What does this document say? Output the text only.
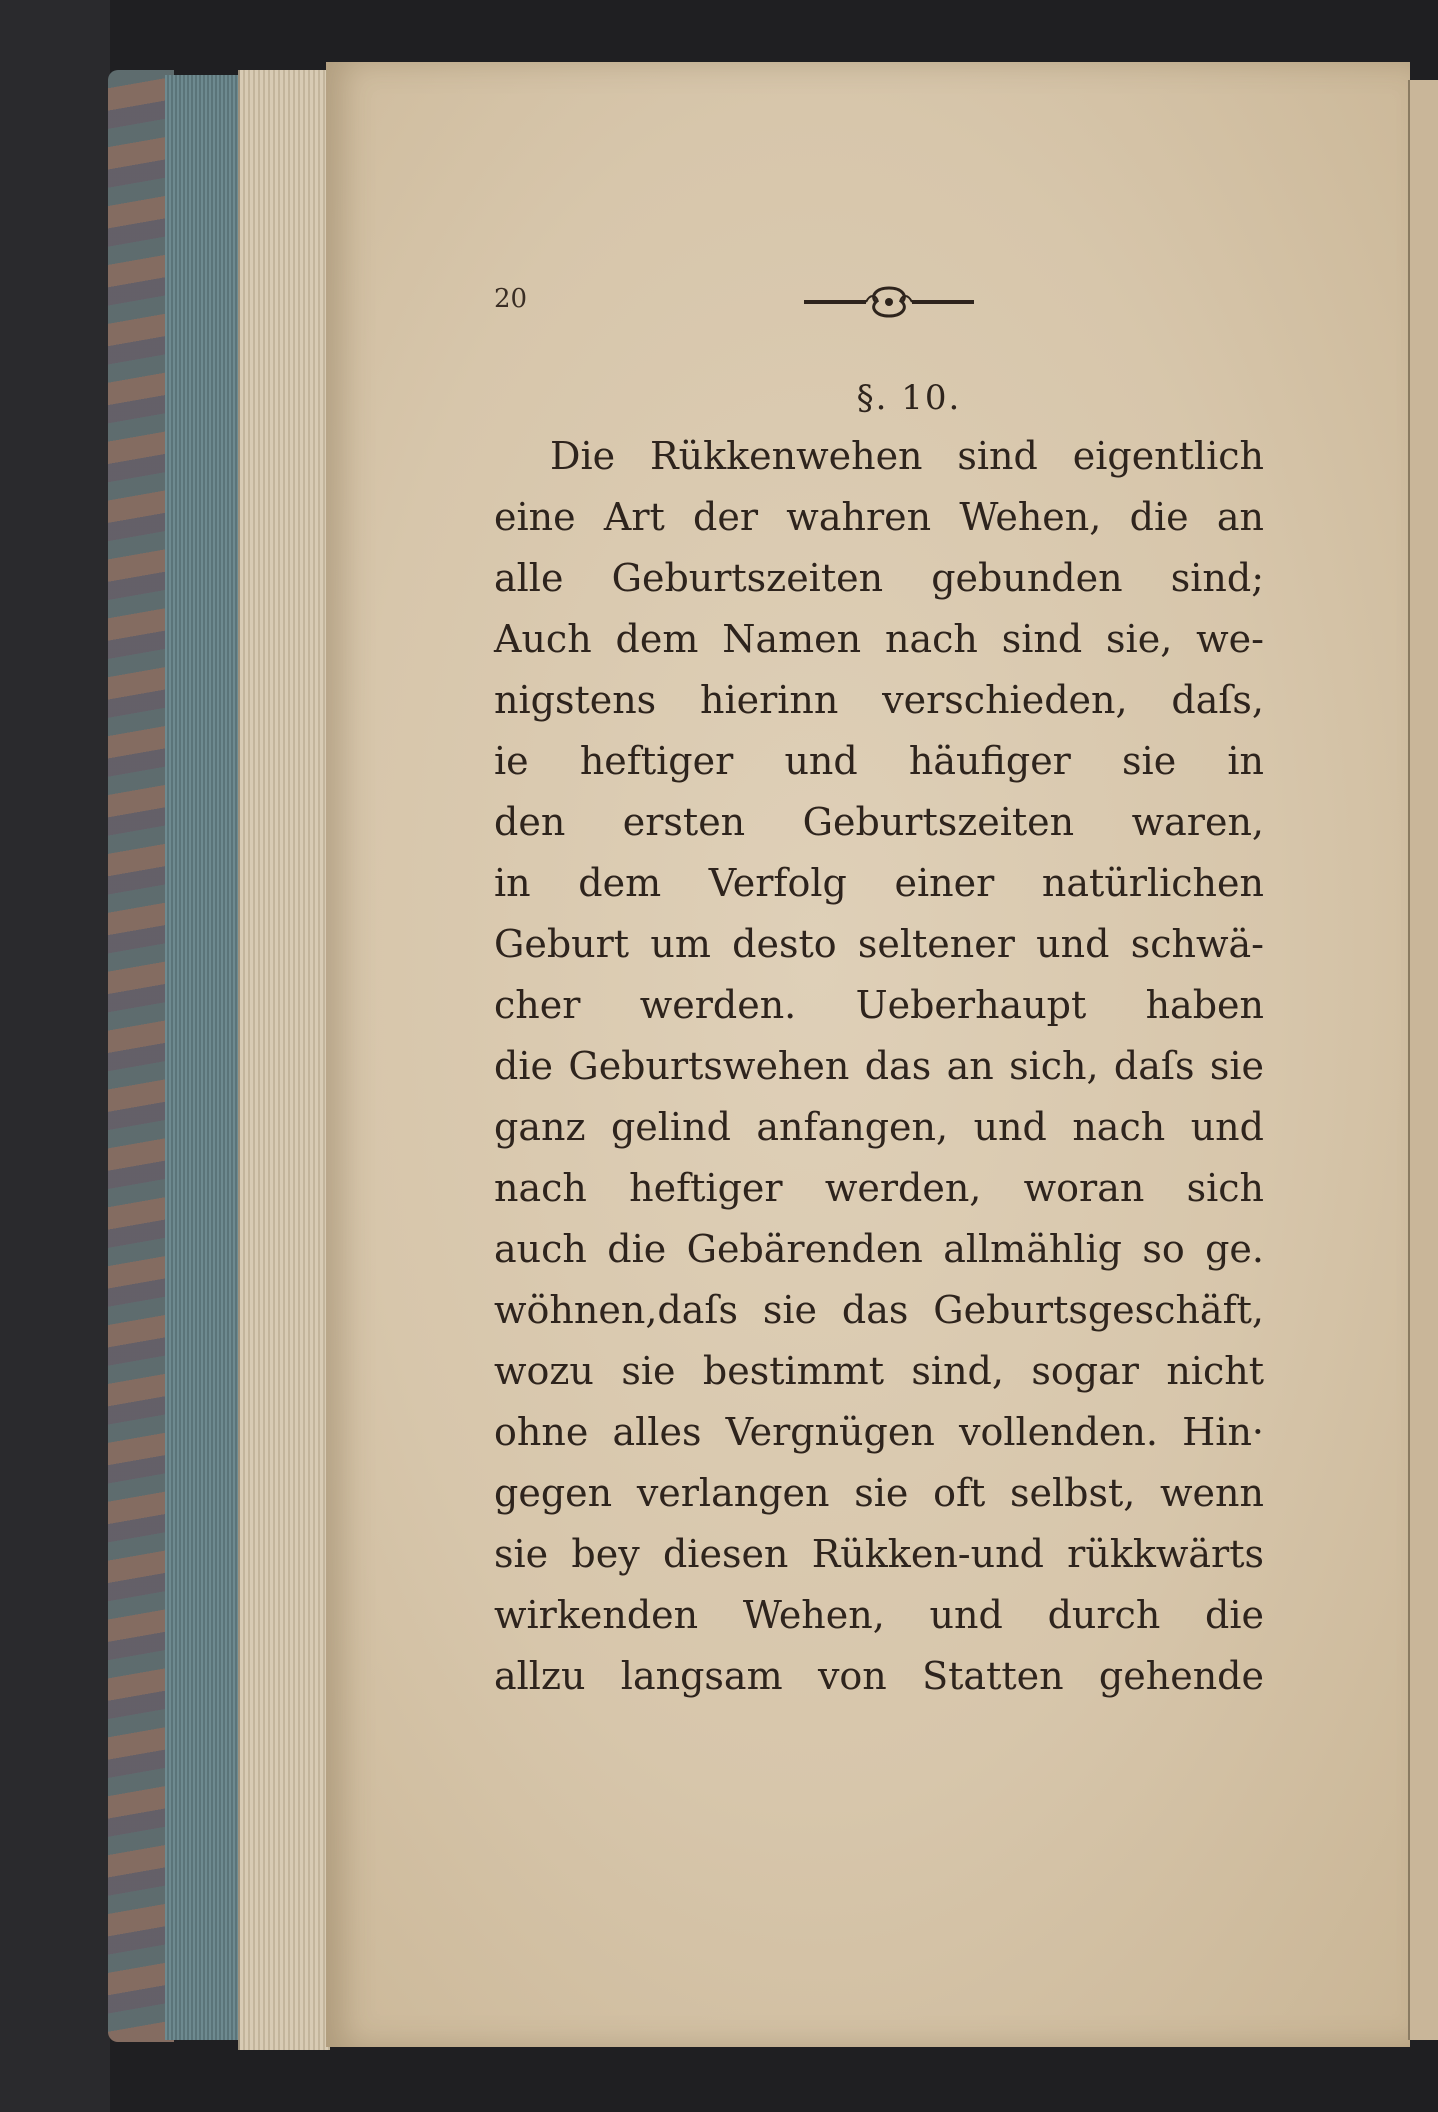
20
§. 10.
Die Rükkenwehen sind eigentlich
eine Art der wahren Wehen, die an
alle Geburtszeiten gebunden sind;
Auch dem Namen nach sind sie, we-
nigstens hierinn verschieden, daſs,
ie heftiger und häufiger sie in
den ersten Geburtszeiten waren,
in dem Verfolg einer natürlichen
Geburt um desto seltener und schwä-
cher werden. Ueberhaupt haben
die Geburtswehen das an sich, daſs sie
ganz gelind anfangen, und nach und
nach heftiger werden, woran sich
auch die Gebärenden allmählig so ge.
wöhnen,daſs sie das Geburtsgeschäft,
wozu sie bestimmt sind, sogar nicht
ohne alles Vergnügen vollenden. Hin·
gegen verlangen sie oft selbst, wenn
sie bey diesen Rükken-und rükkwärts
wirkenden Wehen, und durch die
allzu langsam von Statten gehende
